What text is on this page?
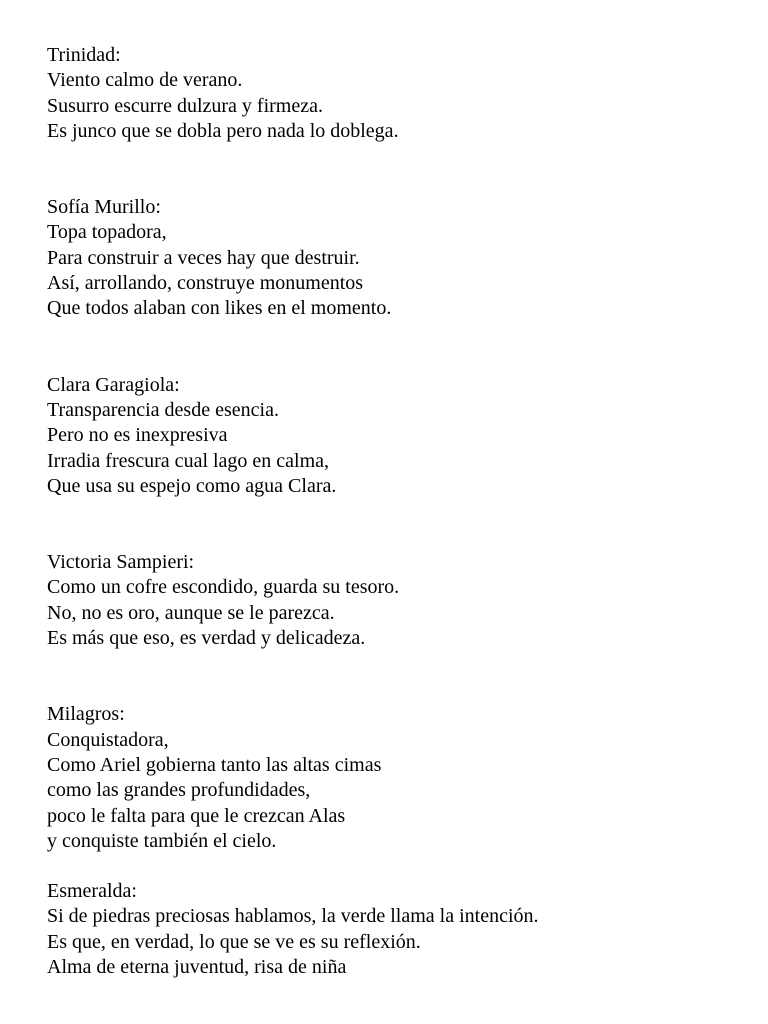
Trinidad:
Viento calmo de verano.
Susurro escurre dulzura y firmeza.
Es junco que se dobla pero nada lo doblega.
Sofía Murillo:
Topa topadora,
Para construir a veces hay que destruir.
Así, arrollando, construye monumentos
Que todos alaban con likes en el momento.
Clara Garagiola:
Transparencia desde esencia.
Pero no es inexpresiva
Irradia frescura cual lago en calma,
Que usa su espejo como agua Clara.
Victoria Sampieri:
Como un cofre escondido, guarda su tesoro.
No, no es oro, aunque se le parezca.
Es más que eso, es verdad y delicadeza.
Milagros:
Conquistadora,
Como Ariel gobierna tanto las altas cimas
como las grandes profundidades,
poco le falta para que le crezcan Alas
y conquiste también el cielo.
Esmeralda:
Si de piedras preciosas hablamos, la verde llama la intención.
Es que, en verdad, lo que se ve es su reflexión.
Alma de eterna juventud, risa de niña
